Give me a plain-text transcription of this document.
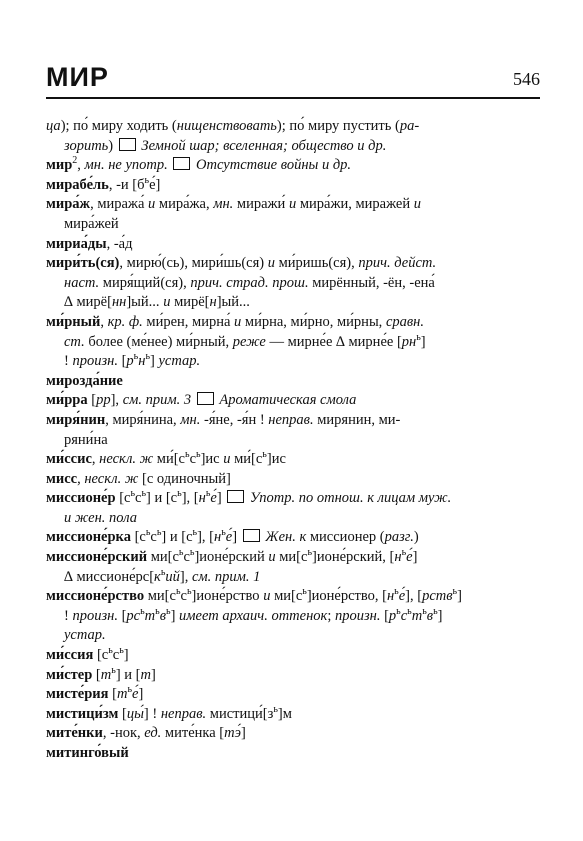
МИР	546

ца); по́ миру ходить (нищенствовать); по́ миру пустить (ра-
зорить)  Земной шар; вселенная; общество и др.

мир$^2$, мн. не употр.  Отсутствие войны и др.

мирабе́ль, -и $[б^ье́]$

мира́ж, миража́ и мира́жа, мн. миражи́ и мира́жи, миражей и
мира́жей

мириа́ды, -а́д

мири́ть(ся), мирю́(сь), мири́шь(ся) и ми́ришь(ся), прич. дейст.
наст. миря́щий(ся), прич. страд. прош. мирённый, -ён, -ена́
∆ мирё[нн]ый... и мирё[н]ый...

ми́рный, кр. ф. ми́рен, мирна́ и ми́рна, ми́рно, ми́рны, сравн.
ст. более (ме́нее) ми́рный, реже — мирне́е ∆ мирне́е $[рн^ь]$
! произн. $[р^ьн^ь]$ устар.

мирозда́ние

ми́рра [рр], см. прим. 3  Ароматическая смола

миря́нин, миря́нина, мн. -я́не, -я́н ! неправ. мирянин, ми-
ряни́на

ми́ссис, нескл. ж $ми́[с^ьс^ь]ис$ и $ми́[с^ь]ис$

мисс, нескл. ж [с одиночный]

миссионе́р $[с^ьс^ь]$ и $[с^ь]$, $[н^ье́]$  Употр. по отнош. к лицам муж.
и жен. пола

миссионе́рка $[с^ьс^ь]$ и $[с^ь]$, $[н^ье́]$  Жен. к миссионер (разг.)

миссионе́рский $ми[с^ьс^ь]ионе́рский$ и $ми[с^ь]ионе́рский$, $[н^ье́]$
∆ $миссионе́рс[к^ьий]$, см. прим. 1

миссионе́рство $ми[с^ьс^ь]ионе́рство$ и $ми[с^ь]ионе́рство$, $[н^ье́]$, [рств$^ь$]
! произн. $[рс^ьт^ьв^ь]$ имеет архаич. оттенок; произн. $[р^ьс^ьт^ьв^ь]$
устар.

ми́ссия $[с^ьс^ь]$

ми́стер $[т^ь]$ и [т]

мисте́рия $[т^ье́]$

мистици́зм [цы́] ! неправ. $мистици́[з^ь]м$

мите́нки, -нок, ед. мите́нка [тэ́]

митинго́вый
